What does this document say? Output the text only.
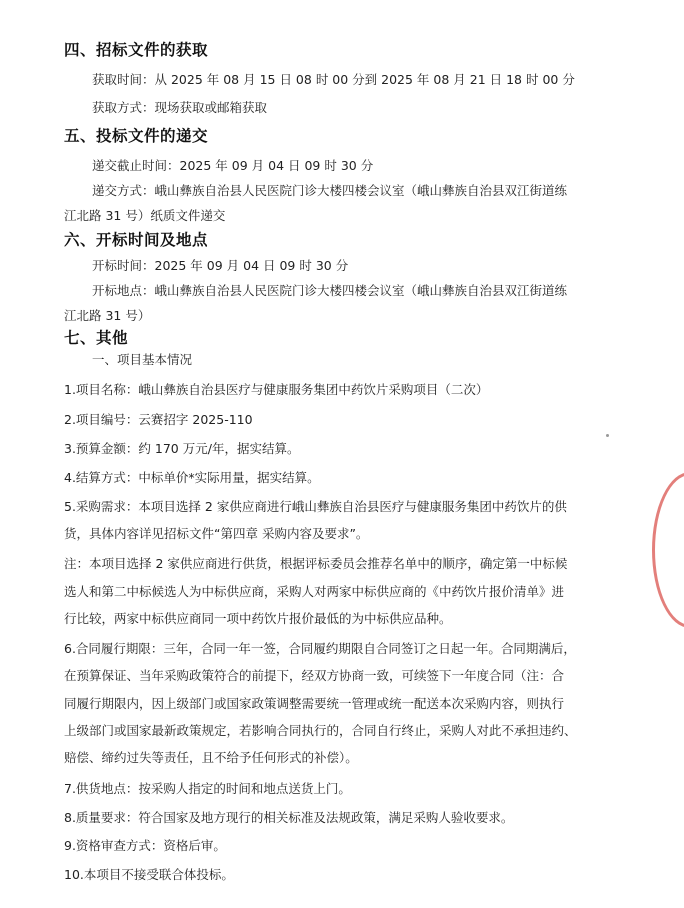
四、招标文件的获取
获取时间：从 2025 年 08 月 15 日 08 时 00 分到 2025 年 08 月 21 日 18 时 00 分
获取方式：现场获取或邮箱获取
五、投标文件的递交
递交截止时间：2025 年 09 月 04 日 09 时 30 分
递交方式：峨山彝族自治县人民医院门诊大楼四楼会议室（峨山彝族自治县双江街道练
江北路 31 号）纸质文件递交
六、开标时间及地点
开标时间：2025 年 09 月 04 日 09 时 30 分
开标地点：峨山彝族自治县人民医院门诊大楼四楼会议室（峨山彝族自治县双江街道练
江北路 31 号）
七、其他
一、项目基本情况
1.项目名称：峨山彝族自治县医疗与健康服务集团中药饮片采购项目（二次）
2.项目编号：云赛招字 2025-110
3.预算金额：约 170 万元/年，据实结算。
4.结算方式：中标单价*实际用量，据实结算。
5.采购需求：本项目选择 2 家供应商进行峨山彝族自治县医疗与健康服务集团中药饮片的供
货，具体内容详见招标文件“第四章 采购内容及要求”。
注：本项目选择 2 家供应商进行供货，根据评标委员会推荐名单中的顺序，确定第一中标候
选人和第二中标候选人为中标供应商，采购人对两家中标供应商的《中药饮片报价清单》进
行比较，两家中标供应商同一项中药饮片报价最低的为中标供应品种。
6.合同履行期限：三年，合同一年一签，合同履约期限自合同签订之日起一年。合同期满后，
在预算保证、当年采购政策符合的前提下，经双方协商一致，可续签下一年度合同（注：合
同履行期限内，因上级部门或国家政策调整需要统一管理或统一配送本次采购内容，则执行
上级部门或国家最新政策规定，若影响合同执行的，合同自行终止，采购人对此不承担违约、
赔偿、缔约过失等责任，且不给予任何形式的补偿）。
7.供货地点：按采购人指定的时间和地点送货上门。
8.质量要求：符合国家及地方现行的相关标准及法规政策，满足采购人验收要求。
9.资格审查方式：资格后审。
10.本项目不接受联合体投标。
